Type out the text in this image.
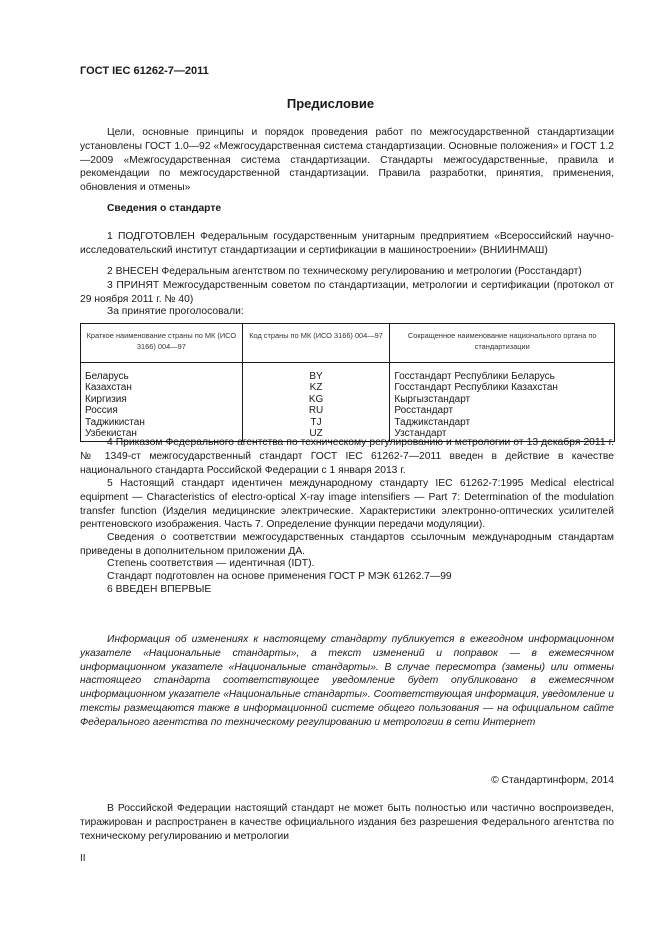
ГОСТ IEC 61262-7—2011
Предисловие

Цели, основные принципы и порядок проведения работ по межгосударственной стандартизации установлены ГОСТ 1.0—92 «Межгосударственная система стандартизации. Основные положения» и ГОСТ 1.2—2009 «Межгосударственная система стандартизации. Стандарты межгосударственные, правила и рекомендации по межгосударственной стандартизации. Правила разработки, принятия, применения, обновления и отмены»

Сведения о стандарте

1 ПОДГОТОВЛЕН Федеральным государственным унитарным предприятием «Всероссийский научно-исследовательский институт стандартизации и сертификации в машиностроении» (ВНИИНМАШ)

2 ВНЕСЕН Федеральным агентством по техническому регулированию и метрологии (Росстандарт)

3 ПРИНЯТ Межгосударственным советом по стандартизации, метрологии и сертификации (протокол от 29 ноября 2011 г. № 40)

За принятие проголосовали:
Краткое наименование страны по МК (ИСО 3166) 004—97	Код страны по МК (ИСО 3166) 004—97	Сокращенное наименование национального органа по стандартизации
Беларусь	BY	Госстандарт Республики Беларусь
Казахстан	KZ	Госстандарт Республики Казахстан
Киргизия	KG	Кыргызстандарт
Россия	RU	Росстандарт
Таджикистан	TJ	Таджикстандарт
Узбекистан	UZ	Узстандарт

4 Приказом Федерального агентства по техническому регулированию и метрологии от 13 декабря 2011 г. № 1349-ст межгосударственный стандарт ГОСТ IEC 61262-7—2011 введен в действие в качестве национального стандарта Российской Федерации с 1 января 2013 г.

5 Настоящий стандарт идентичен международному стандарту IEC 61262-7:1995 Medical electrical equipment — Characteristics of electro-optical X-ray image intensifiers — Part 7: Determination of the modulation transfer function (Изделия медицинские электрические. Характеристики электронно-оптических усилителей рентгеновского изображения. Часть 7. Определение функции передачи модуляции).

Сведения о соответствии межгосударственных стандартов ссылочным международным стандартам приведены в дополнительном приложении ДА.

Степень соответствия — идентичная (IDT).
Стандарт подготовлен на основе применения ГОСТ Р МЭК 61262.7—99
6 ВВЕДЕН ВПЕРВЫЕ

Информация об изменениях к настоящему стандарту публикуется в ежегодном информационном указателе «Национальные стандарты», а текст изменений и поправок — в ежемесячном информационном указателе «Национальные стандарты». В случае пересмотра (замены) или отмены настоящего стандарта соответствующее уведомление будет опубликовано в ежемесячном информационном указателе «Национальные стандарты». Соответствующая информация, уведомление и тексты размещаются также в информационной системе общего пользования — на официальном сайте Федерального агентства по техническому регулированию и метрологии в сети Интернет

© Стандартинформ, 2014

В Российской Федерации настоящий стандарт не может быть полностью или частично воспроизведен, тиражирован и распространен в качестве официального издания без разрешения Федерального агентства по техническому регулированию и метрологии

II
